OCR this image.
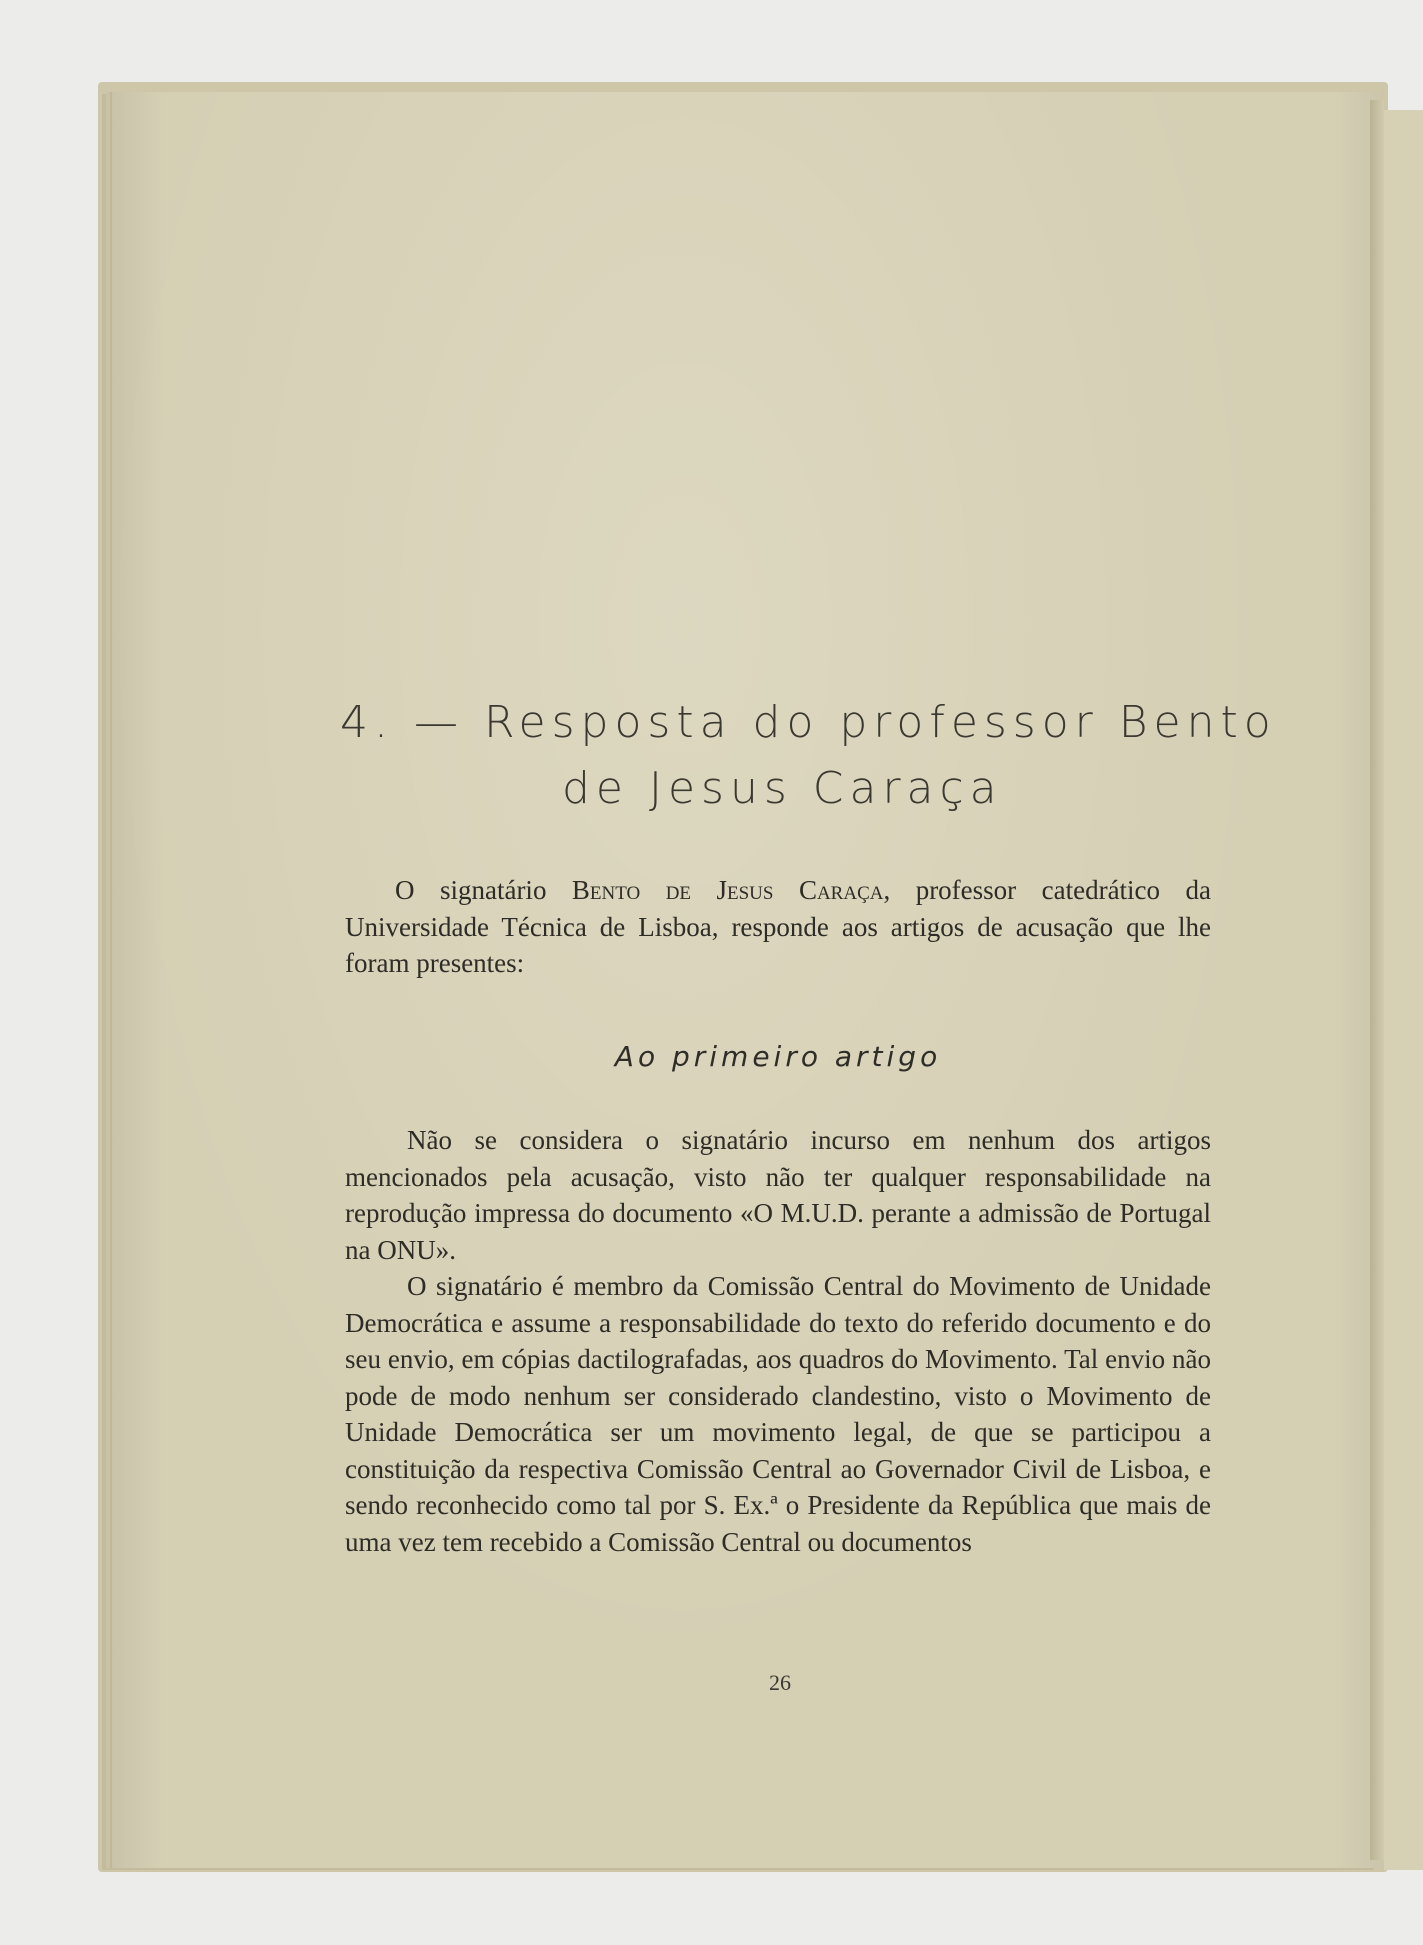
4. — Resposta do professor Bento
de Jesus Caraça

O signatário Bento de Jesus Caraça, professor catedrático da Universidade Técnica de Lisboa, responde aos artigos de acusação que lhe foram presentes:

Ao primeiro artigo

Não se considera o signatário incurso em nenhum dos artigos mencionados pela acusação, visto não ter qualquer responsabilidade na reprodução impressa do documento «O M.U.D. perante a admissão de Portugal na ONU».

O signatário é membro da Comissão Central do Movimento de Unidade Democrática e assume a responsabilidade do texto do referido documento e do seu envio, em cópias dactilografadas, aos quadros do Movimento. Tal envio não pode de modo nenhum ser considerado clandestino, visto o Movimento de Unidade Democrática ser um movimento legal, de que se participou a constituição da respectiva Comissão Central ao Governador Civil de Lisboa, e sendo reconhecido como tal por S. Ex.ª o Presidente da República que mais de uma vez tem recebido a Comissão Central ou documentos

26
